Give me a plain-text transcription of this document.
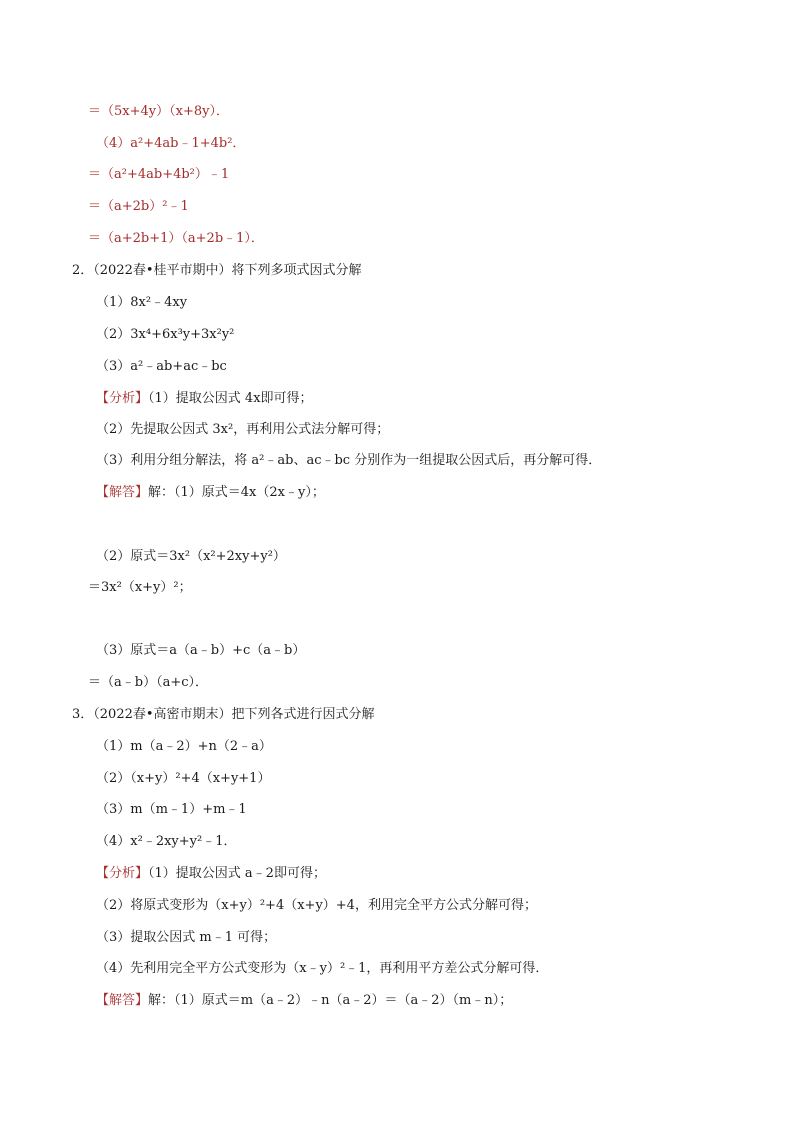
＝（5x+4y）（x+8y）．
（4）a²+4ab﹣1+4b²．
＝（a²+4ab+4b²）﹣1
＝（a+2b）²﹣1
＝（a+2b+1）（a+2b﹣1）．
2．（2022春•桂平市期中）将下列多项式因式分解
（1）8x²﹣4xy
（2）3x⁴+6x³y+3x²y²
（3）a²﹣ab+ac﹣bc
【分析】（1）提取公因式 4x即可得；
（2）先提取公因式 3x²，再利用公式法分解可得；
（3）利用分组分解法，将 a²﹣ab、ac﹣bc 分别作为一组提取公因式后，再分解可得．
【解答】解：（1）原式＝4x（2x﹣y）；
（2）原式＝3x²（x²+2xy+y²）
＝3x²（x+y）²；
（3）原式＝a（a﹣b）+c（a﹣b）
＝（a﹣b）（a+c）．
3．（2022春•高密市期末）把下列各式进行因式分解
（1）m（a﹣2）+n（2﹣a）
（2）（x+y）²+4（x+y+1）
（3）m（m﹣1）+m﹣1
（4）x²﹣2xy+y²﹣1．
【分析】（1）提取公因式 a﹣2即可得；
（2）将原式变形为（x+y）²+4（x+y）+4，利用完全平方公式分解可得；
（3）提取公因式 m﹣1 可得；
（4）先利用完全平方公式变形为（x﹣y）²﹣1，再利用平方差公式分解可得．
【解答】解：（1）原式＝m（a﹣2）﹣n（a﹣2）＝（a﹣2）（m﹣n）；
